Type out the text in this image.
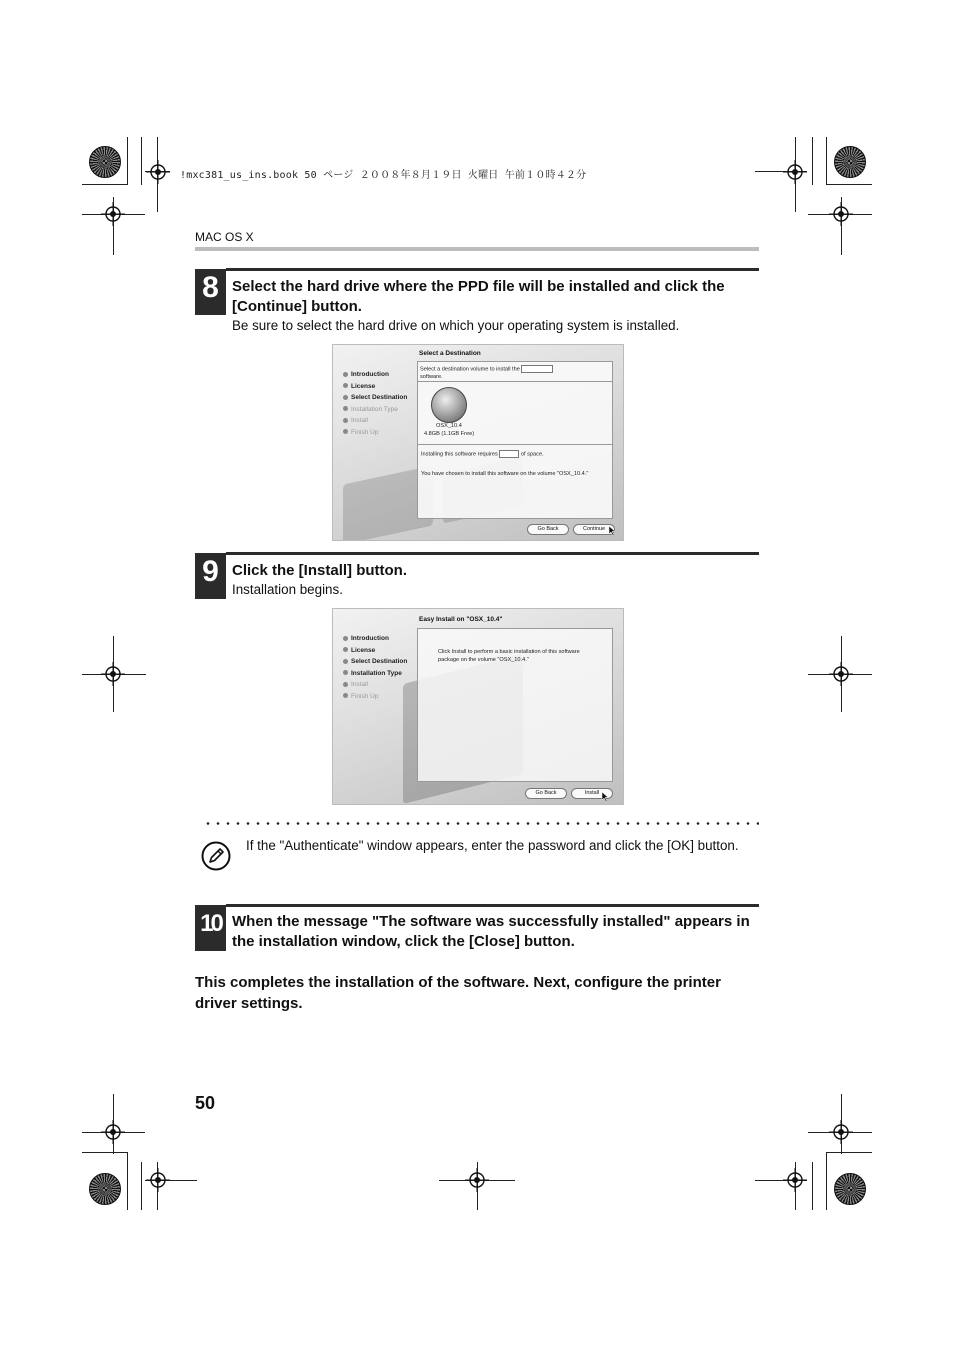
!mxc381_us_ins.book 50 ページ ２００８年８月１９日 火曜日 午前１０時４２分
MAC OS X
8 Select the hard drive where the PPD file will be installed and click the [Continue] button.
Be sure to select the hard drive on which your operating system is installed.
Select a Destination
Introduction
License
Select Destination
Installation Type
Install
Finish Up
Select a destination volume to install the
software.
OSX_10.4
4.8GB (1.1GB Free)
Installing this software requires	of space.
You have chosen to install this software on the volume "OSX_10.4."
Go Back	Continue
9 Click the [Install] button.
Installation begins.
Easy Install on "OSX_10.4"
Introduction
License
Select Destination
Installation Type
Install
Finish Up
Click Install to perform a basic installation of this software package on the volume "OSX_10.4."
Go Back	Install
If the "Authenticate" window appears, enter the password and click the [OK] button.
10 When the message "The software was successfully installed" appears in the installation window, click the [Close] button.
This completes the installation of the software. Next, configure the printer driver settings.
50
